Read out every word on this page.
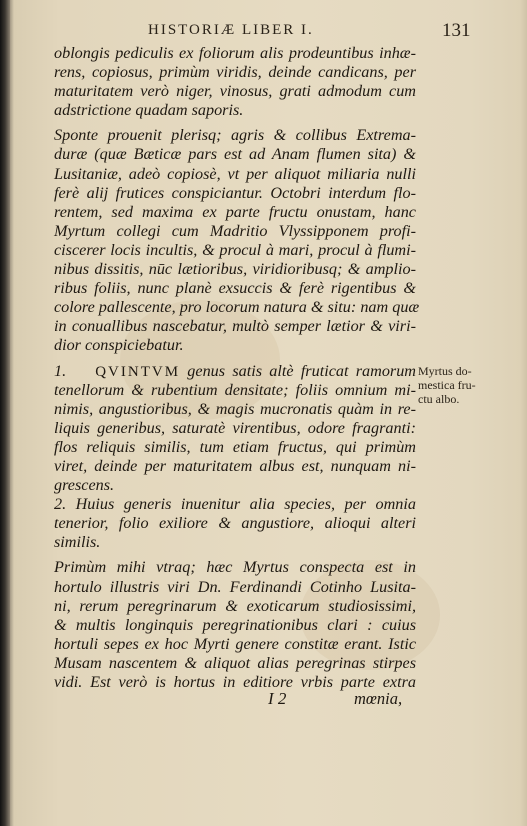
HISTORIÆ LIBER I.	131
oblongis pediculis ex foliorum alis prodeuntibus inhæ-
rens, copiosus, primùm viridis, deinde candicans, per
maturitatem verò niger, vinosus, grati admodum cum
adstrictione quadam saporis.
Sponte prouenit plerisq; agris & collibus Extrema-
duræ (quæ Bæticæ pars est ad Anam flumen sita) &
Lusitaniæ, adeò copiosè, vt per aliquot miliaria nulli
ferè alij frutices conspiciantur. Octobri interdum flo-
rentem, sed maxima ex parte fructu onustam, hanc
Myrtum collegi cum Madritio Vlyssipponem profi-
ciscerer locis incultis, & procul à mari, procul à flumi-
nibus dissitis, nūc lætioribus, viridioribusq; & amplio-
ribus foliis, nunc planè exsuccis & ferè rigentibus &
colore pallescente, pro locorum natura & situ: nam quæ
in conuallibus nascebatur, multò semper lætior & viri-
dior conspiciebatur.
1. QVINTVM genus satis altè fruticat ramorum
tenellorum & rubentium densitate; foliis omnium mi-
nimis, angustioribus, & magis mucronatis quàm in re-
liquis generibus, saturatè virentibus, odore fragranti:
flos reliquis similis, tum etiam fructus, qui primùm
viret, deinde per maturitatem albus est, nunquam ni-
grescens.
2. Huius generis inuenitur alia species, per omnia
tenerior, folio exiliore & angustiore, alioqui alteri
similis.
Primùm mihi vtraq; hæc Myrtus conspecta est in
hortulo illustris viri Dn. Ferdinandi Cotinho Lusita-
ni, rerum peregrinarum & exoticarum studiosissimi,
& multis longinquis peregrinationibus clari : cuius
hortuli sepes ex hoc Myrti genere constitæ erant. Istic
Musam nascentem & aliquot alias peregrinas stirpes
vidi. Est verò is hortus in editiore vrbis parte extra
Myrtus do-
mestica fru-
ctu albo.
I 2	mœnia,
